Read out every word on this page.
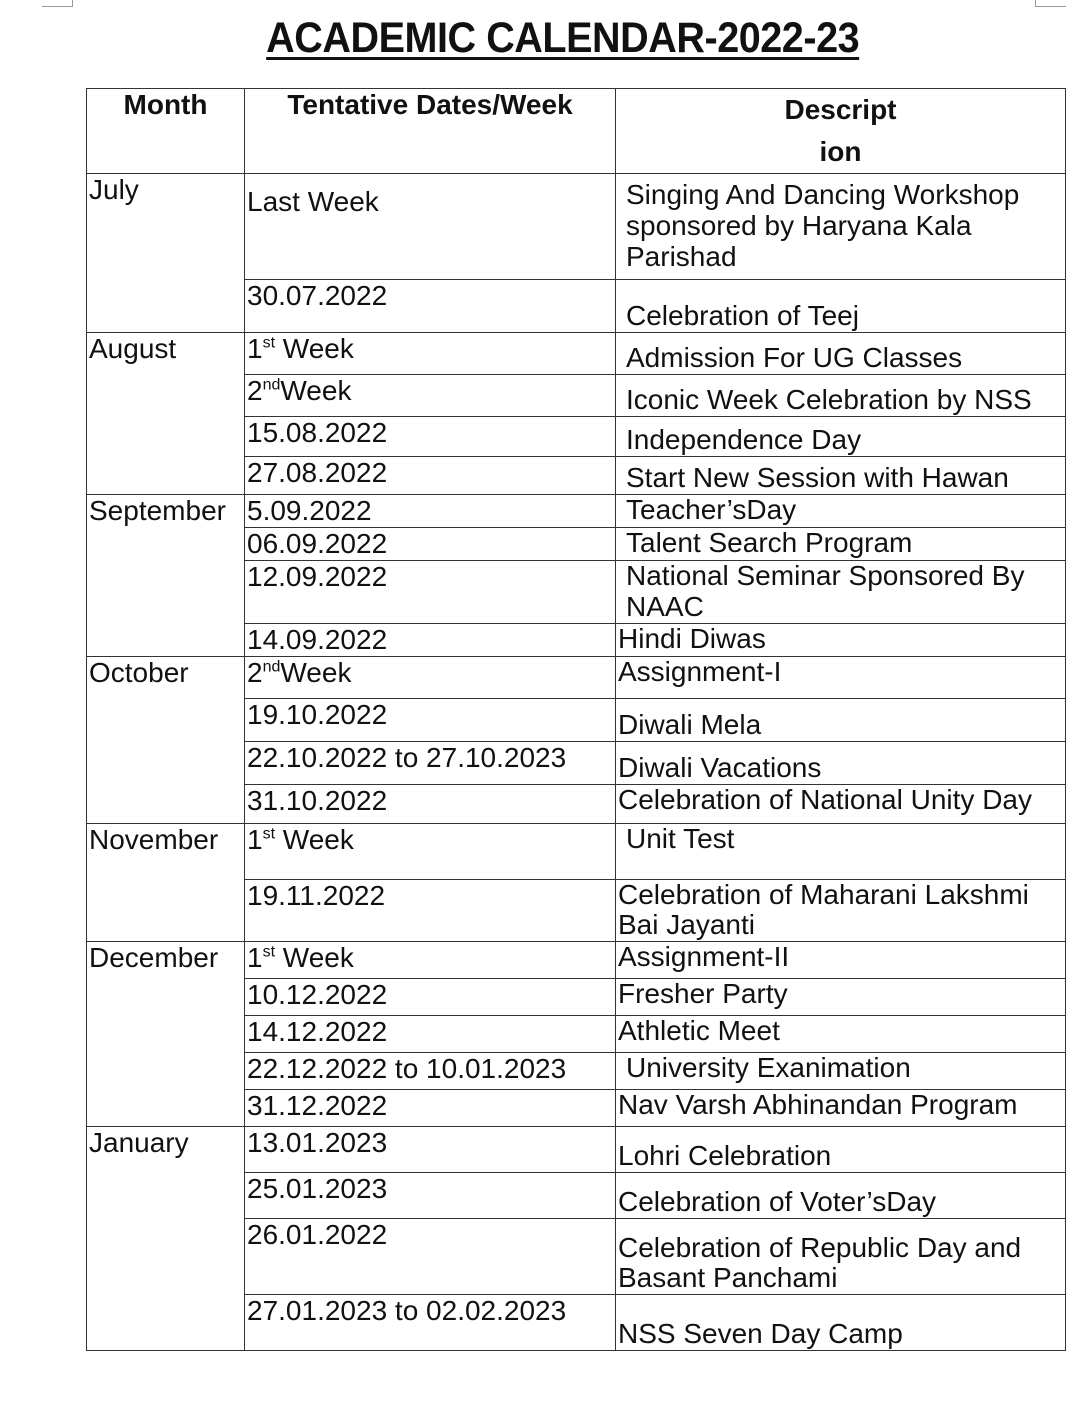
ACADEMIC CALENDAR-2022-23
Month	Tentative Dates/Week	Descript
ion
July	Last Week	Singing And Dancing Workshop sponsored by Haryana Kala Parishad
	30.07.2022	Celebration of Teej
August	1st Week	Admission For UG Classes
	2ndWeek	Iconic Week Celebration by NSS
	15.08.2022	Independence Day
	27.08.2022	Start New Session with Hawan
September	5.09.2022	Teacher’sDay
	06.09.2022	Talent Search Program
	12.09.2022	National Seminar Sponsored By NAAC
	14.09.2022	Hindi Diwas
October	2ndWeek	Assignment-I
	19.10.2022	Diwali Mela
	22.10.2022 to 27.10.2023	Diwali Vacations
	31.10.2022	Celebration of National Unity Day
November	1st Week	Unit Test
	19.11.2022	Celebration of Maharani Lakshmi Bai Jayanti
December	1st Week	Assignment-II
	10.12.2022	Fresher Party
	14.12.2022	Athletic Meet
	22.12.2022 to 10.01.2023	University Exanimation
	31.12.2022	Nav Varsh Abhinandan Program
January	13.01.2023	Lohri Celebration
	25.01.2023	Celebration of Voter’sDay
	26.01.2022	Celebration of Republic Day and Basant Panchami
	27.01.2023 to 02.02.2023	NSS Seven Day Camp
